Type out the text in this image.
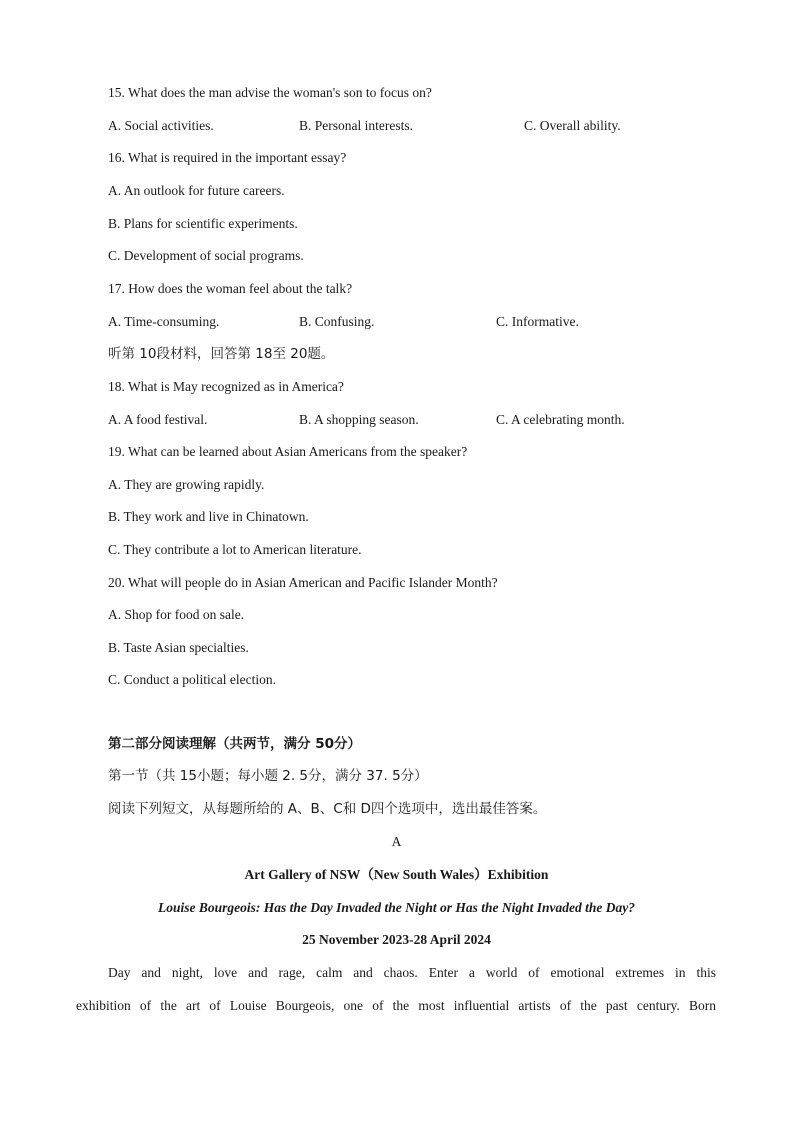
15. What does the man advise the woman's son to focus on?
A. Social activities.	B. Personal interests.	C. Overall ability.
16. What is required in the important essay?
A. An outlook for future careers.
B. Plans for scientific experiments.
C. Development of social programs.
17. How does the woman feel about the talk?
A. Time-consuming.	B. Confusing.	C. Informative.
听第 10段材料，回答第 18至 20题。
18. What is May recognized as in America?
A. A food festival.	B. A shopping season.	C. A celebrating month.
19. What can be learned about Asian Americans from the speaker?
A. They are growing rapidly.
B. They work and live in Chinatown.
C. They contribute a lot to American literature.
20. What will people do in Asian American and Pacific Islander Month?
A. Shop for food on sale.
B. Taste Asian specialties.
C. Conduct a political election.
第二部分阅读理解（共两节，满分 50分）
第一节（共 15小题；每小题 2. 5分，满分 37. 5分）
阅读下列短文，从每题所给的 A、B、C和 D四个选项中，选出最佳答案。
A
Art Gallery of NSW（New South Wales）Exhibition
Louise Bourgeois: Has the Day Invaded the Night or Has the Night Invaded the Day?
25 November 2023-28 April 2024
Day and night, love and rage, calm and chaos. Enter a world of emotional extremes in this
exhibition of the art of Louise Bourgeois, one of the most influential artists of the past century. Born
